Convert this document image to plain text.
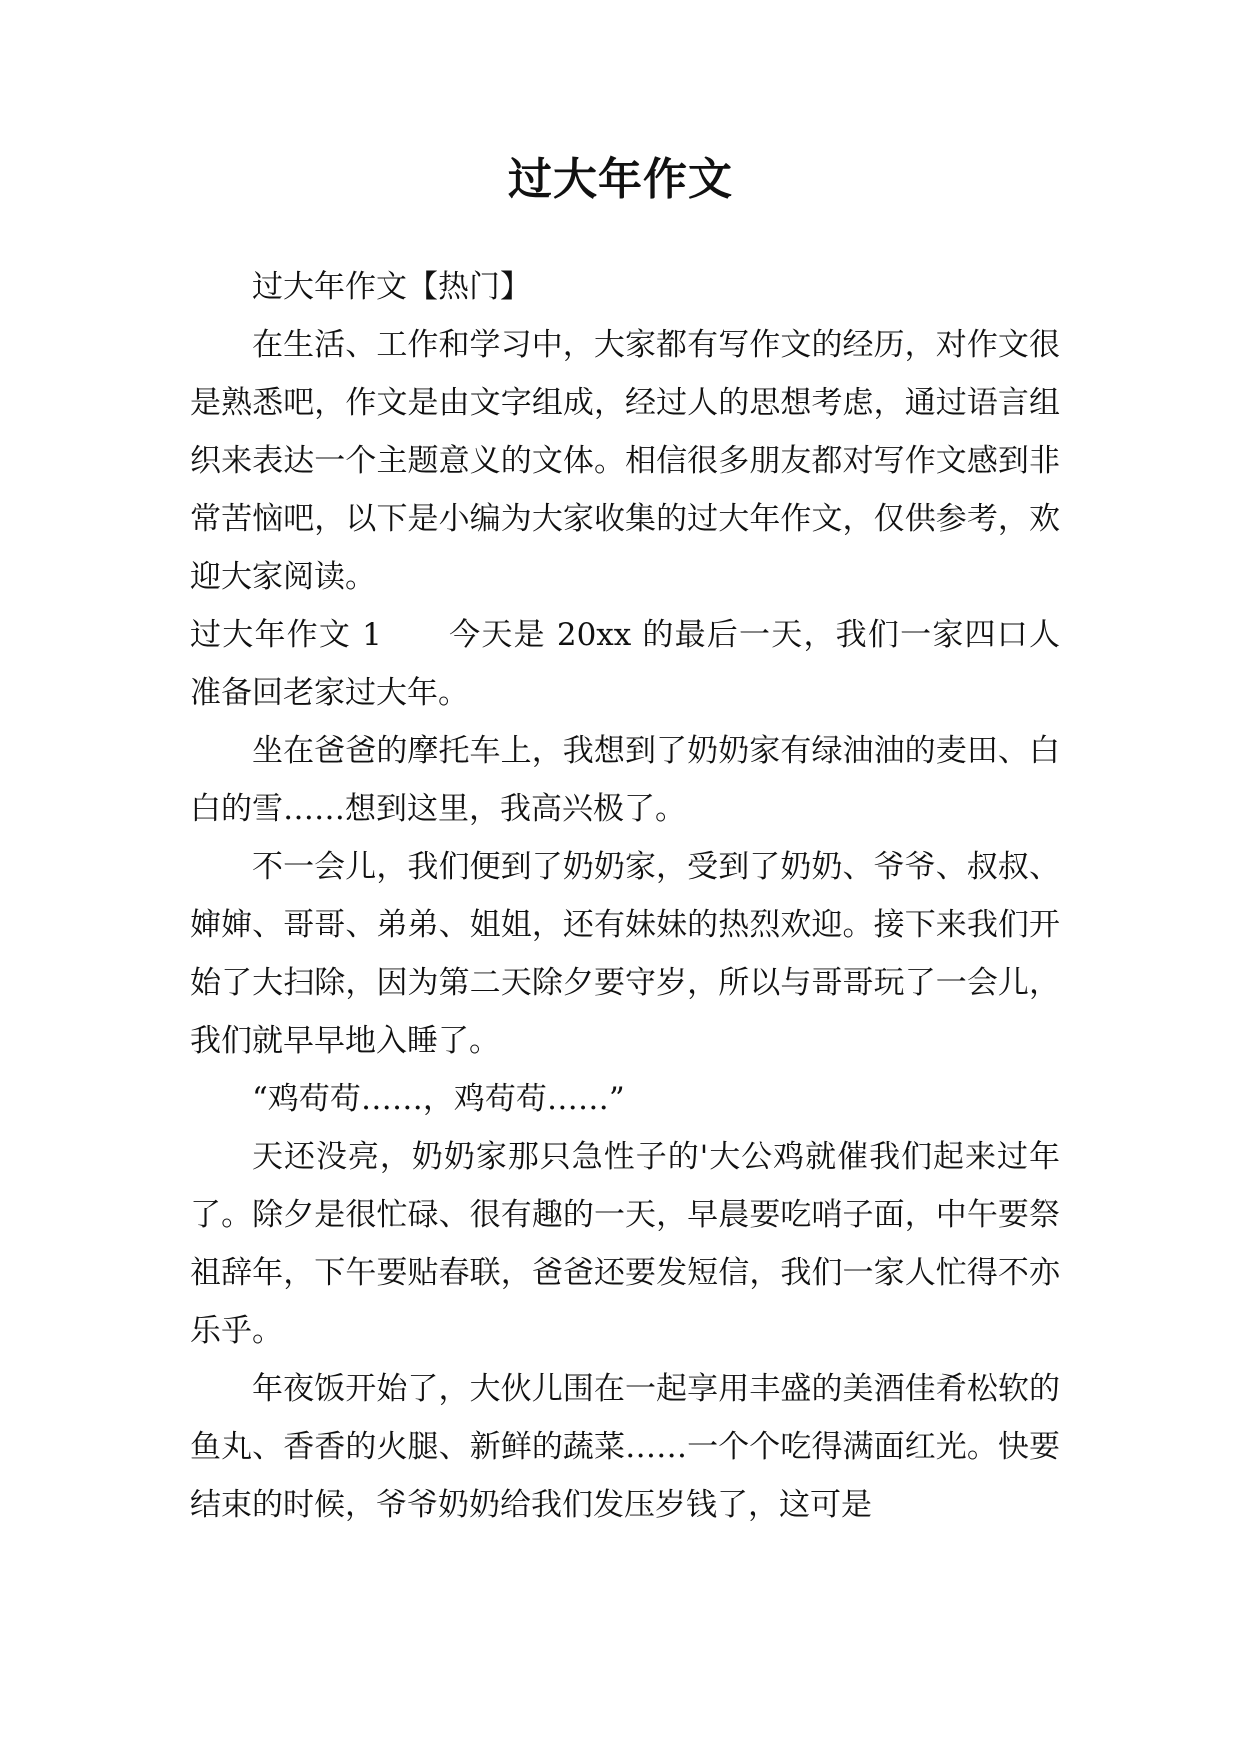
过大年作文

过大年作文【热门】

在生活、工作和学习中，大家都有写作文的经历，对作文很是熟悉吧，作文是由文字组成，经过人的思想考虑，通过语言组织来表达一个主题意义的文体。相信很多朋友都对写作文感到非常苦恼吧，以下是小编为大家收集的过大年作文，仅供参考，欢迎大家阅读。

过大年作文 1 今天是 20xx 的最后一天，我们一家四口人准备回老家过大年。

坐在爸爸的摩托车上，我想到了奶奶家有绿油油的麦田、白白的雪……想到这里，我高兴极了。

不一会儿，我们便到了奶奶家，受到了奶奶、爷爷、叔叔、婶婶、哥哥、弟弟、姐姐，还有妹妹的热烈欢迎。接下来我们开始了大扫除，因为第二天除夕要守岁，所以与哥哥玩了一会儿，我们就早早地入睡了。

“鸡苟苟……，鸡苟苟……”

天还没亮，奶奶家那只急性子的'大公鸡就催我们起来过年了。除夕是很忙碌、很有趣的一天，早晨要吃哨子面，中午要祭祖辞年，下午要贴春联，爸爸还要发短信，我们一家人忙得不亦乐乎。

年夜饭开始了，大伙儿围在一起享用丰盛的美酒佳肴松软的鱼丸、香香的火腿、新鲜的蔬菜……一个个吃得满面红光。快要结束的时候，爷爷奶奶给我们发压岁钱了，这可是
